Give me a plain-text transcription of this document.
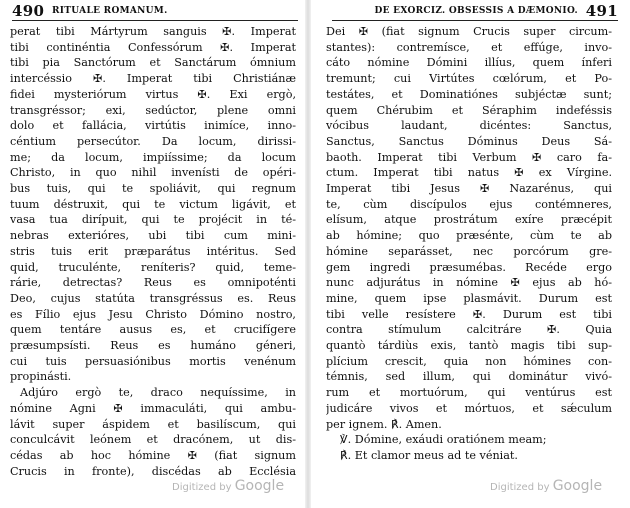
490 RITUALE ROMANUM.
perat tibi Mártyrum sanguis ✠. Imperat
tibi continéntia Confessórum ✠. Imperat
tibi pia Sanctórum et Sanctárum ómnium
intercéssio ✠. Imperat tibi Christiánæ
fidei mysteriórum virtus ✠. Exi ergò,
transgréssor; exi, sedúctor, plene omni
dolo et fallácia, virtútis inimíce, inno-
céntium persecútor. Da locum, dirissi-
me; da locum, impiíssime; da locum
Christo, in quo nihil invenísti de opéri-
bus tuis, qui te spoliávit, qui regnum
tuum déstruxit, qui te victum ligávit, et
vasa tua dirípuit, qui te projécit in té-
nebras exterióres, ubi tibi cum mini-
stris tuis erit præparátus intéritus. Sed
quid, truculénte, reníteris? quid, teme-
rárie, detrectas? Reus es omnipoténti
Deo, cujus statúta transgréssus es. Reus
es Fílio ejus Jesu Christo Dómino nostro,
quem tentáre ausus es, et crucifígere
præsumpsísti. Reus es humáno géneri,
cui tuis persuasiónibus mortis venénum
propinásti.
Adjúro ergò te, draco nequíssime, in
nómine Agni ✠ immaculáti, qui ambu-
lávit super áspidem et basilíscum, qui
conculcávit leónem et dracónem, ut dis-
cédas ab hoc hómine ✠ (fiat signum
Crucis in fronte), discédas ab Ecclésia
Digitized by Google
DE EXORCIZ. OBSESSIS A DÆMONIO. 491
Dei ✠ (fiat signum Crucis super circum-
stantes): contremísce, et effúge, invo-
cáto nómine Dómini illíus, quem ínferi
tremunt; cui Virtútes cœlórum, et Po-
testátes, et Dominatiónes subjéctæ sunt;
quem Chérubim et Séraphim indeféssis
vócibus laudant, dicéntes: Sanctus,
Sanctus, Sanctus Dóminus Deus Sá-
baoth. Imperat tibi Verbum ✠ caro fa-
ctum. Imperat tibi natus ✠ ex Vírgine.
Imperat tibi Jesus ✠ Nazarénus, qui
te, cùm discípulos ejus contémneres,
elísum, atque prostrátum exíre præcépit
ab hómine; quo præsénte, cùm te ab
hómine separásset, nec porcórum gre-
gem ingredi præsumébas. Recéde ergo
nunc adjurátus in nómine ✠ ejus ab hó-
mine, quem ipse plasmávit. Durum est
tibi velle resístere ✠. Durum est tibi
contra stímulum calcitráre ✠. Quia
quantò tárdiùs exis, tantò magis tibi sup-
plícium crescit, quia non hómines con-
témnis, sed illum, qui dominátur vivó-
rum et mortuórum, qui ventúrus est
judicáre vivos et mórtuos, et sǽculum
per ignem. ℟. Amen.
℣. Dómine, exáudi oratiónem meam;
℟. Et clamor meus ad te véniat.
Digitized by Google
